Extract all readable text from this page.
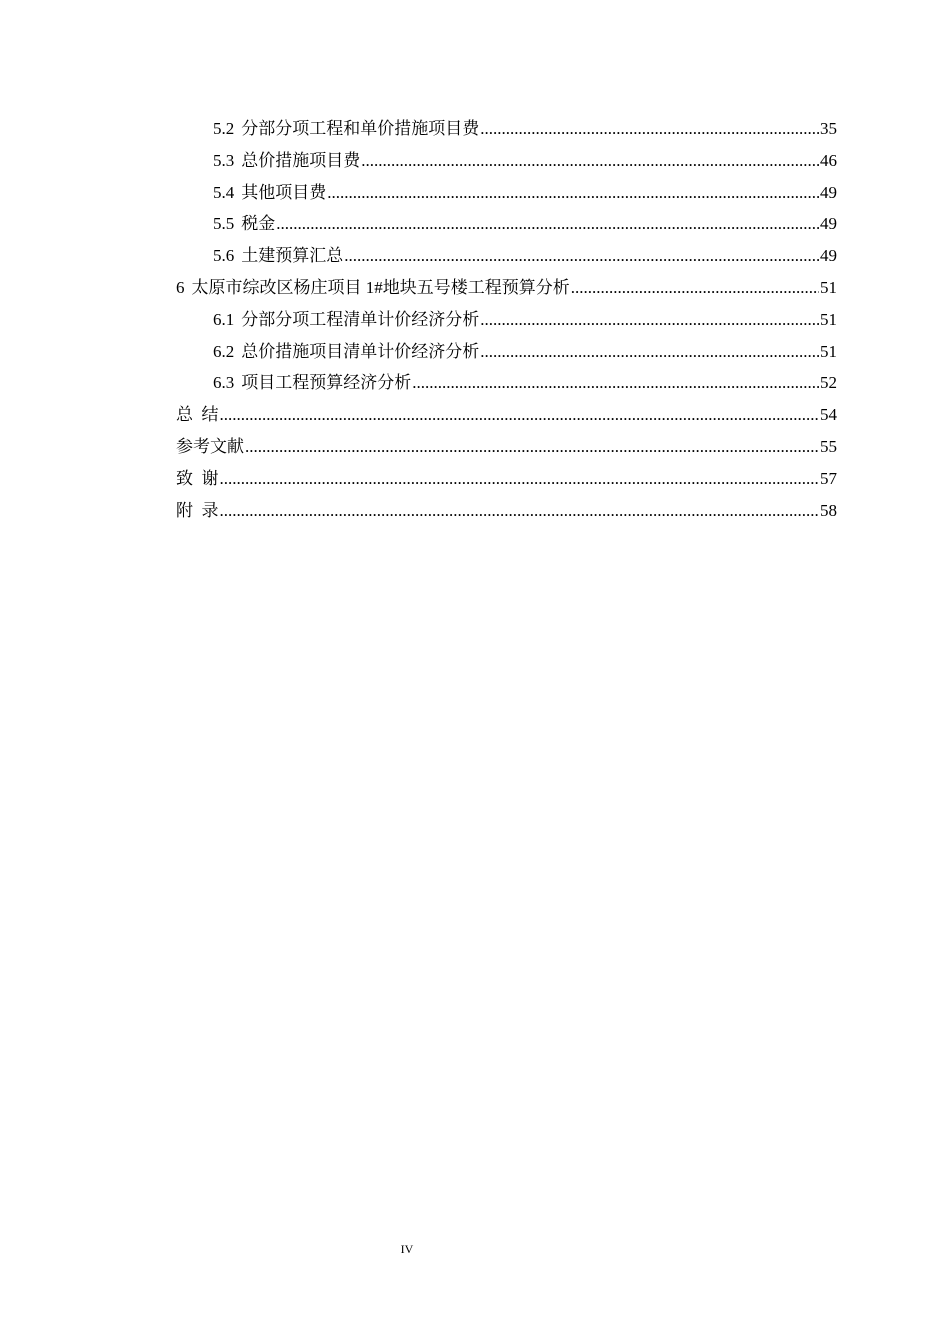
5.2 分部分项工程和单价措施项目费 .....	35
5.3 总价措施项目费 .....	46
5.4 其他项目费 .....	49
5.5 税金 .....	49
5.6 土建预算汇总 .....	49
6 太原市综改区杨庄项目 1#地块五号楼工程预算分析 .....	51
6.1 分部分项工程清单计价经济分析 .....	51
6.2 总价措施项目清单计价经济分析 .....	51
6.3 项目工程预算经济分析 .....	52
总  结 .....	54
参考文献 .....	55
致  谢 .....	57
附  录 .....	58
IV
